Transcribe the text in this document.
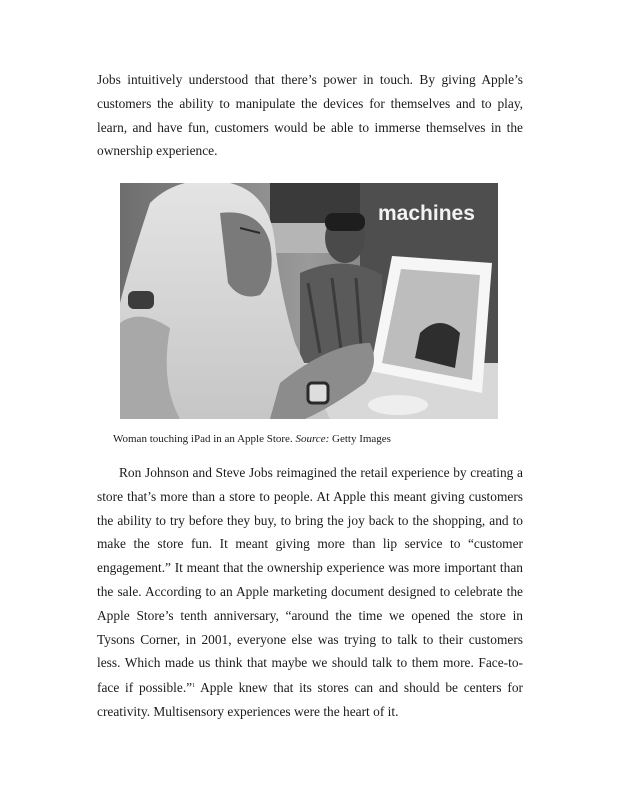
Jobs intuitively understood that there’s power in touch. By giving Apple’s customers the ability to manipulate the devices for themselves and to play, learn, and have fun, customers would be able to immerse themselves in the ownership experience.

machines

Woman touching iPad in an Apple Store. Source: Getty Images

Ron Johnson and Steve Jobs reimagined the retail experience by creating a store that’s more than a store to people. At Apple this meant giving customers the ability to try before they buy, to bring the joy back to the shopping, and to make the store fun. It meant giving more than lip service to “customer engagement.” It meant that the ownership experience was more important than the sale. According to an Apple marketing document designed to celebrate the Apple Store’s tenth anniversary, “around the time we opened the store in Tysons Corner, in 2001, everyone else was trying to talk to their customers less. Which made us think that maybe we should talk to them more. Face-to-face if possible.”$^1$ Apple knew that its stores can and should be centers for creativity. Multisensory experiences were the heart of it.
